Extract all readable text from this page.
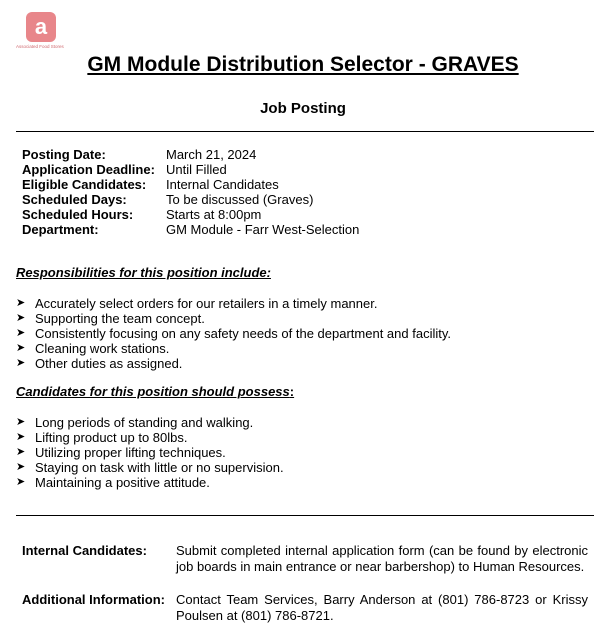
a
Associated Food Stores
GM Module Distribution Selector - GRAVES
Job Posting
Posting Date:	March 21, 2024
Application Deadline: Until Filled
Eligible Candidates:	Internal Candidates
Scheduled Days:	To be discussed (Graves)
Scheduled Hours:	Starts at 8:00pm
Department:	GM Module - Farr West-Selection
Responsibilities for this position include:
➤ Accurately select orders for our retailers in a timely manner.
➤ Supporting the team concept.
➤ Consistently focusing on any safety needs of the department and facility.
➤ Cleaning work stations.
➤ Other duties as assigned.
Candidates for this position should possess:
➤ Long periods of standing and walking.
➤ Lifting product up to 80lbs.
➤ Utilizing proper lifting techniques.
➤ Staying on task with little or no supervision.
➤ Maintaining a positive attitude.
Internal Candidates:	Submit completed internal application form (can be found by electronic job boards in main entrance or near barbershop) to Human Resources.
Additional Information: Contact Team Services, Barry Anderson at (801) 786-8723 or Krissy Poulsen at (801) 786-8721.
